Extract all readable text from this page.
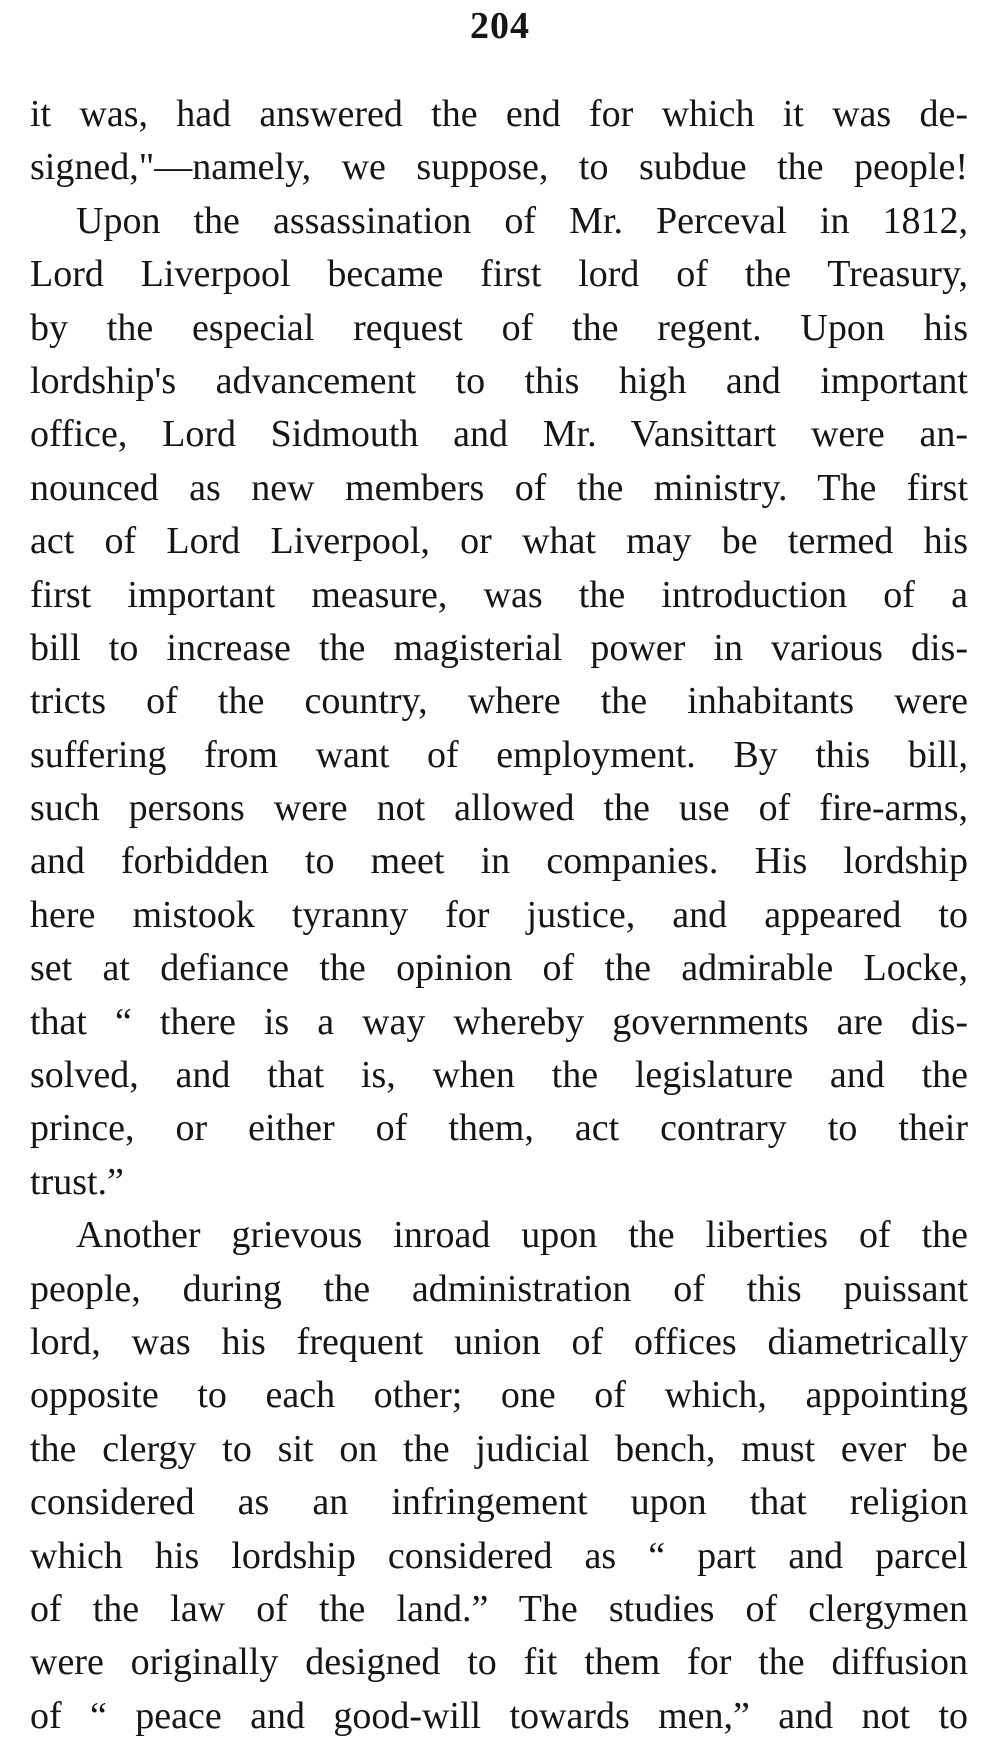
204
it was, had answered the end for which it was de-
signed,"—namely, we suppose, to subdue the people!
Upon the assassination of Mr. Perceval in 1812,
Lord Liverpool became first lord of the Treasury,
by the especial request of the regent. Upon his
lordship's advancement to this high and important
office, Lord Sidmouth and Mr. Vansittart were an-
nounced as new members of the ministry. The first
act of Lord Liverpool, or what may be termed his
first important measure, was the introduction of a
bill to increase the magisterial power in various dis-
tricts of the country, where the inhabitants were
suffering from want of employment. By this bill,
such persons were not allowed the use of fire-arms,
and forbidden to meet in companies. His lordship
here mistook tyranny for justice, and appeared to
set at defiance the opinion of the admirable Locke,
that “ there is a way whereby governments are dis-
solved, and that is, when the legislature and the
prince, or either of them, act contrary to their
trust.”
Another grievous inroad upon the liberties of the
people, during the administration of this puissant
lord, was his frequent union of offices diametrically
opposite to each other; one of which, appointing
the clergy to sit on the judicial bench, must ever be
considered as an infringement upon that religion
which his lordship considered as “ part and parcel
of the law of the land.” The studies of clergymen
were originally designed to fit them for the diffusion
of “ peace and good-will towards men,” and not to
